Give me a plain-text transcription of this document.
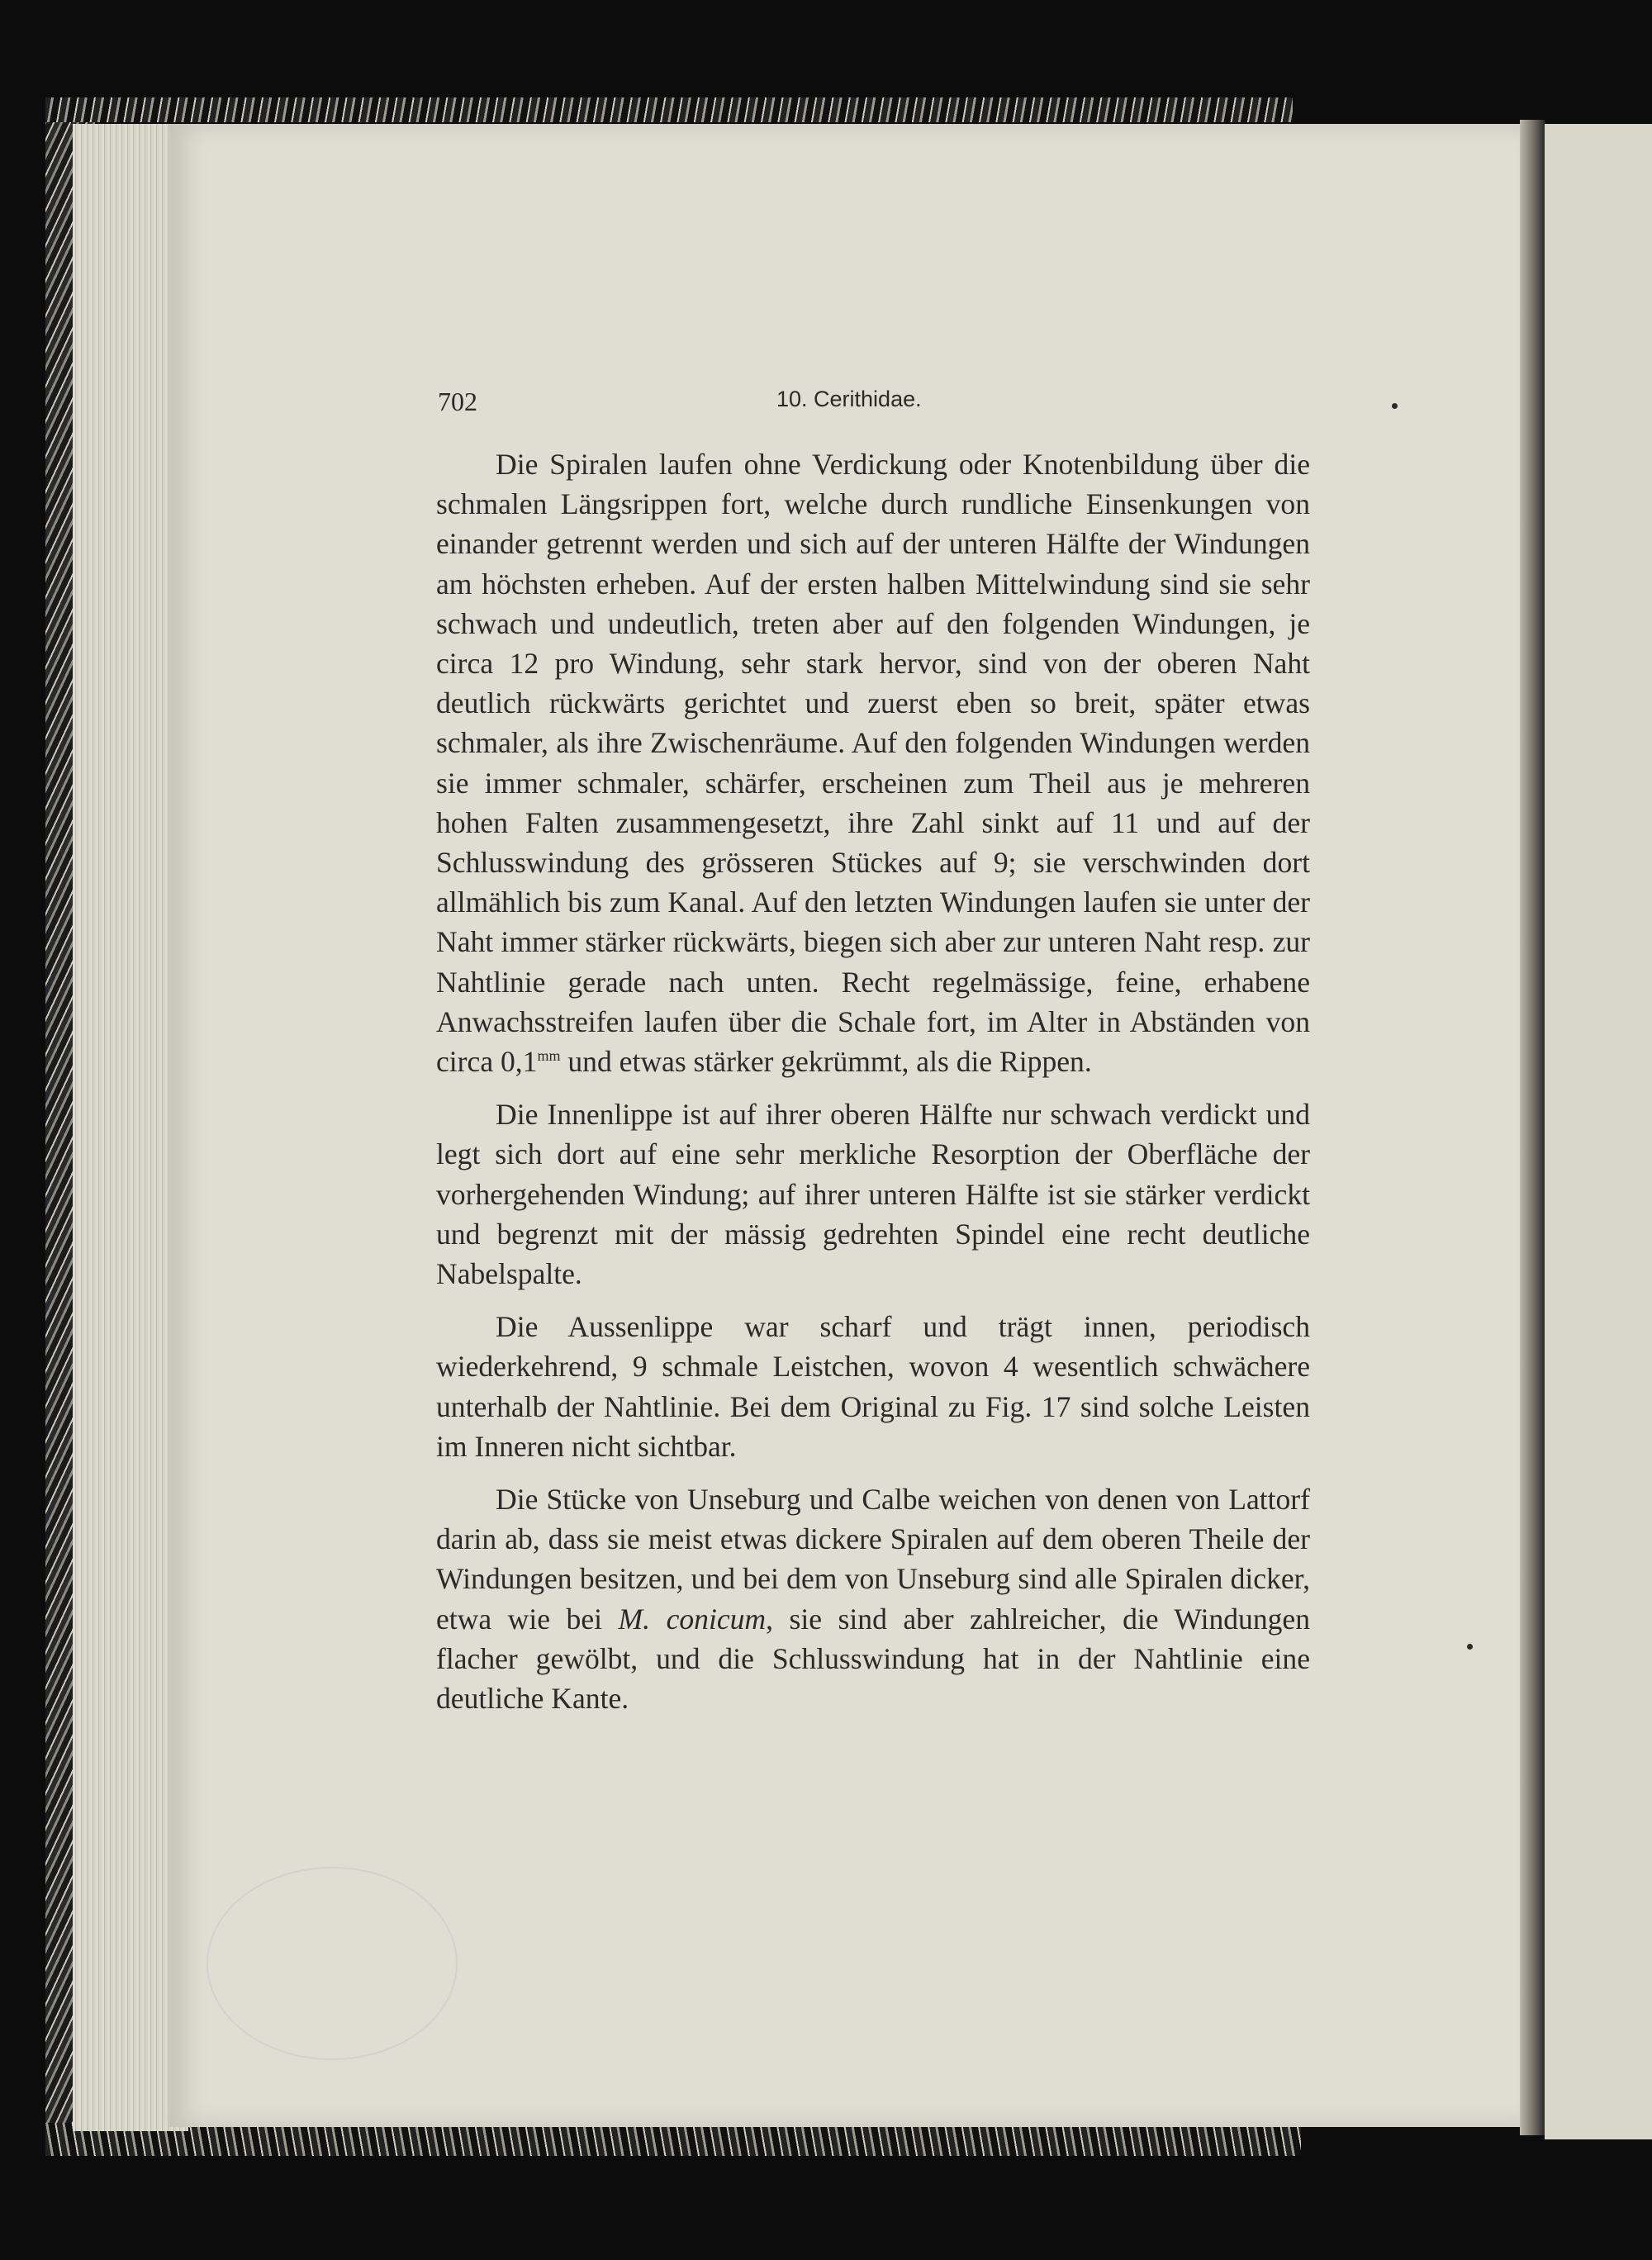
702	10. Cerithidae.

Die Spiralen laufen ohne Verdickung oder Knotenbildung über die schmalen Längsrippen fort, welche durch rundliche Einsenkungen von einander getrennt werden und sich auf der unteren Hälfte der Windungen am höchsten erheben. Auf der ersten halben Mittelwindung sind sie sehr schwach und undeutlich, treten aber auf den folgenden Windungen, je circa 12 pro Windung, sehr stark hervor, sind von der oberen Naht deutlich rückwärts gerichtet und zuerst eben so breit, später etwas schmaler, als ihre Zwischenräume. Auf den folgenden Windungen werden sie immer schmaler, schärfer, erscheinen zum Theil aus je mehreren hohen Falten zusammengesetzt, ihre Zahl sinkt auf 11 und auf der Schlusswindung des grösseren Stückes auf 9; sie verschwinden dort allmählich bis zum Kanal. Auf den letzten Windungen laufen sie unter der Naht immer stärker rückwärts, biegen sich aber zur unteren Naht resp. zur Nahtlinie gerade nach unten. Recht regelmässige, feine, erhabene Anwachsstreifen laufen über die Schale fort, im Alter in Abständen von circa $0,1^{mm}$ und etwas stärker gekrümmt, als die Rippen.

Die Innenlippe ist auf ihrer oberen Hälfte nur schwach verdickt und legt sich dort auf eine sehr merkliche Resorption der Oberfläche der vorhergehenden Windung; auf ihrer unteren Hälfte ist sie stärker verdickt und begrenzt mit der mässig gedrehten Spindel eine recht deutliche Nabelspalte.

Die Aussenlippe war scharf und trägt innen, periodisch wiederkehrend, 9 schmale Leistchen, wovon 4 wesentlich schwächere unterhalb der Nahtlinie. Bei dem Original zu Fig. 17 sind solche Leisten im Inneren nicht sichtbar.

Die Stücke von Unseburg und Calbe weichen von denen von Lattorf darin ab, dass sie meist etwas dickere Spiralen auf dem oberen Theile der Windungen besitzen, und bei dem von Unseburg sind alle Spiralen dicker, etwa wie bei M. conicum, sie sind aber zahlreicher, die Windungen flacher gewölbt, und die Schlusswindung hat in der Nahtlinie eine deutliche Kante.
